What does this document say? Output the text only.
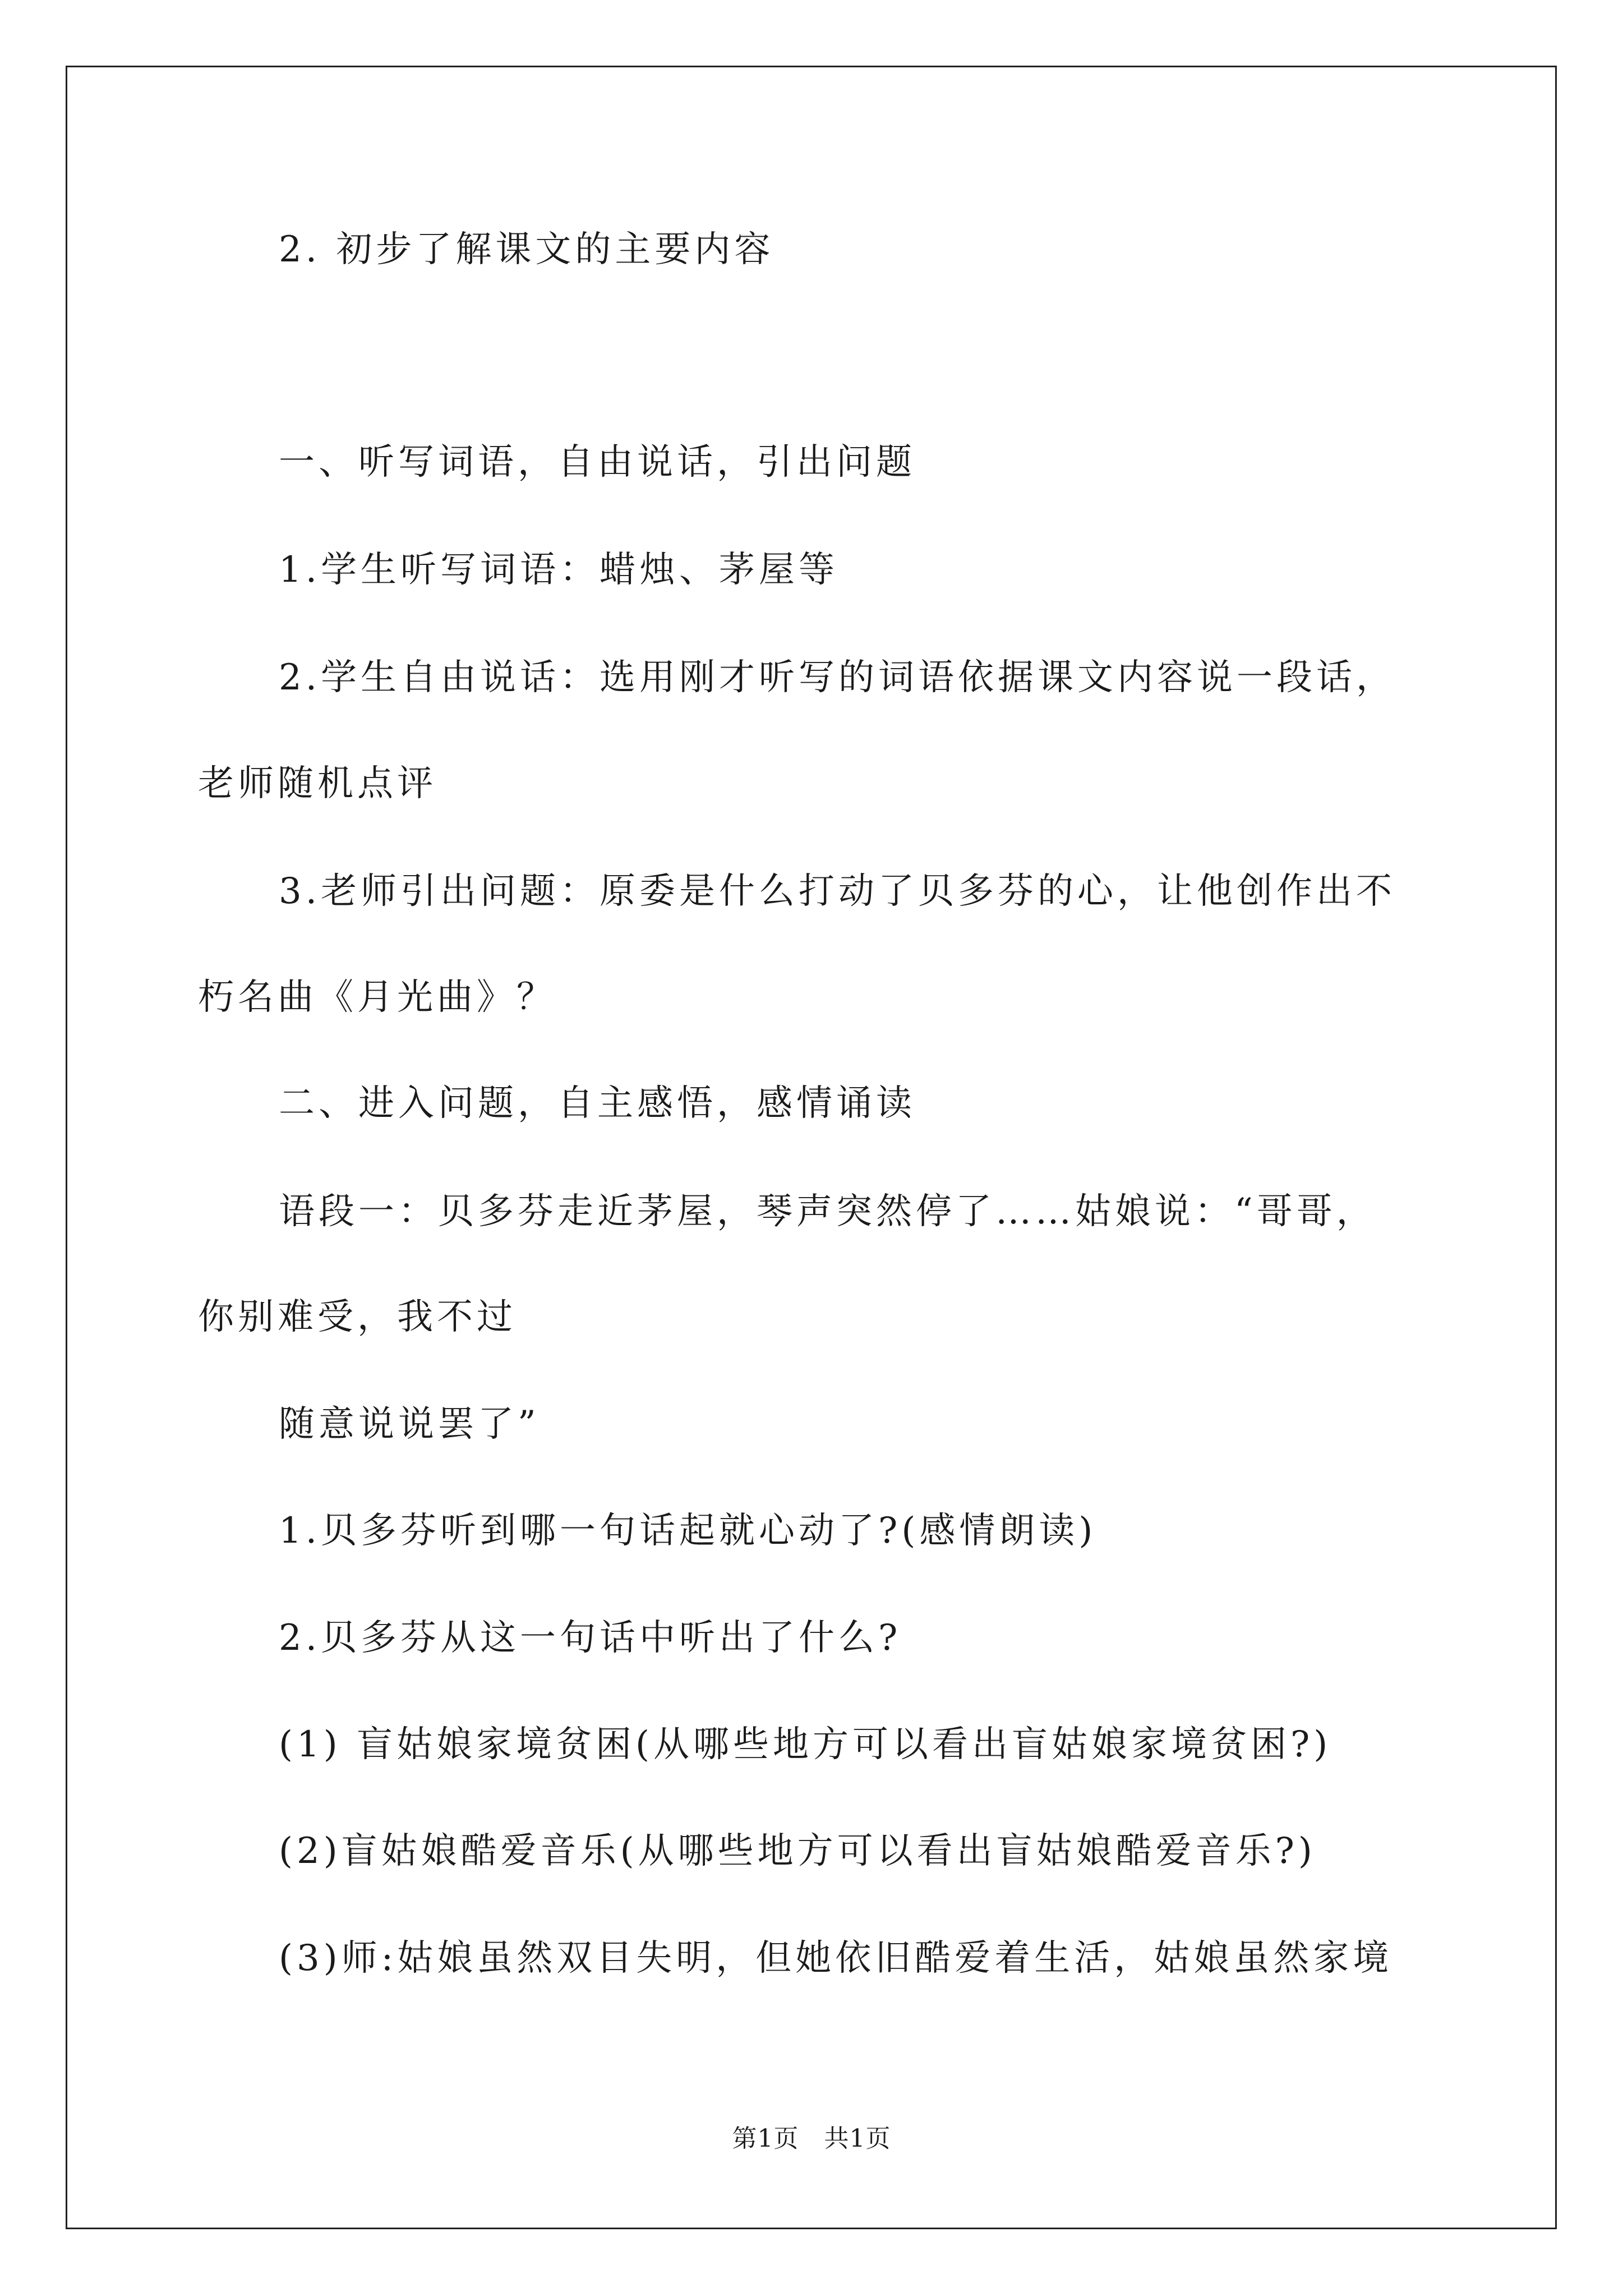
2. 初步了解课文的主要内容
一、听写词语，自由说话，引出问题
1.学生听写词语：蜡烛、茅屋等
2.学生自由说话：选用刚才听写的词语依据课文内容说一段话，
老师随机点评
3.老师引出问题：原委是什么打动了贝多芬的心，让他创作出不
朽名曲《月光曲》？
二、进入问题，自主感悟，感情诵读
语段一：贝多芬走近茅屋，琴声突然停了……姑娘说：“哥哥，
你别难受，我不过
随意说说罢了”
1.贝多芬听到哪一句话起就心动了?(感情朗读)
2.贝多芬从这一句话中听出了什么?
(1) 盲姑娘家境贫困(从哪些地方可以看出盲姑娘家境贫困?)
(2)盲姑娘酷爱音乐(从哪些地方可以看出盲姑娘酷爱音乐?)
(3)师:姑娘虽然双目失明，但她依旧酷爱着生活，姑娘虽然家境
第1页   共1页
